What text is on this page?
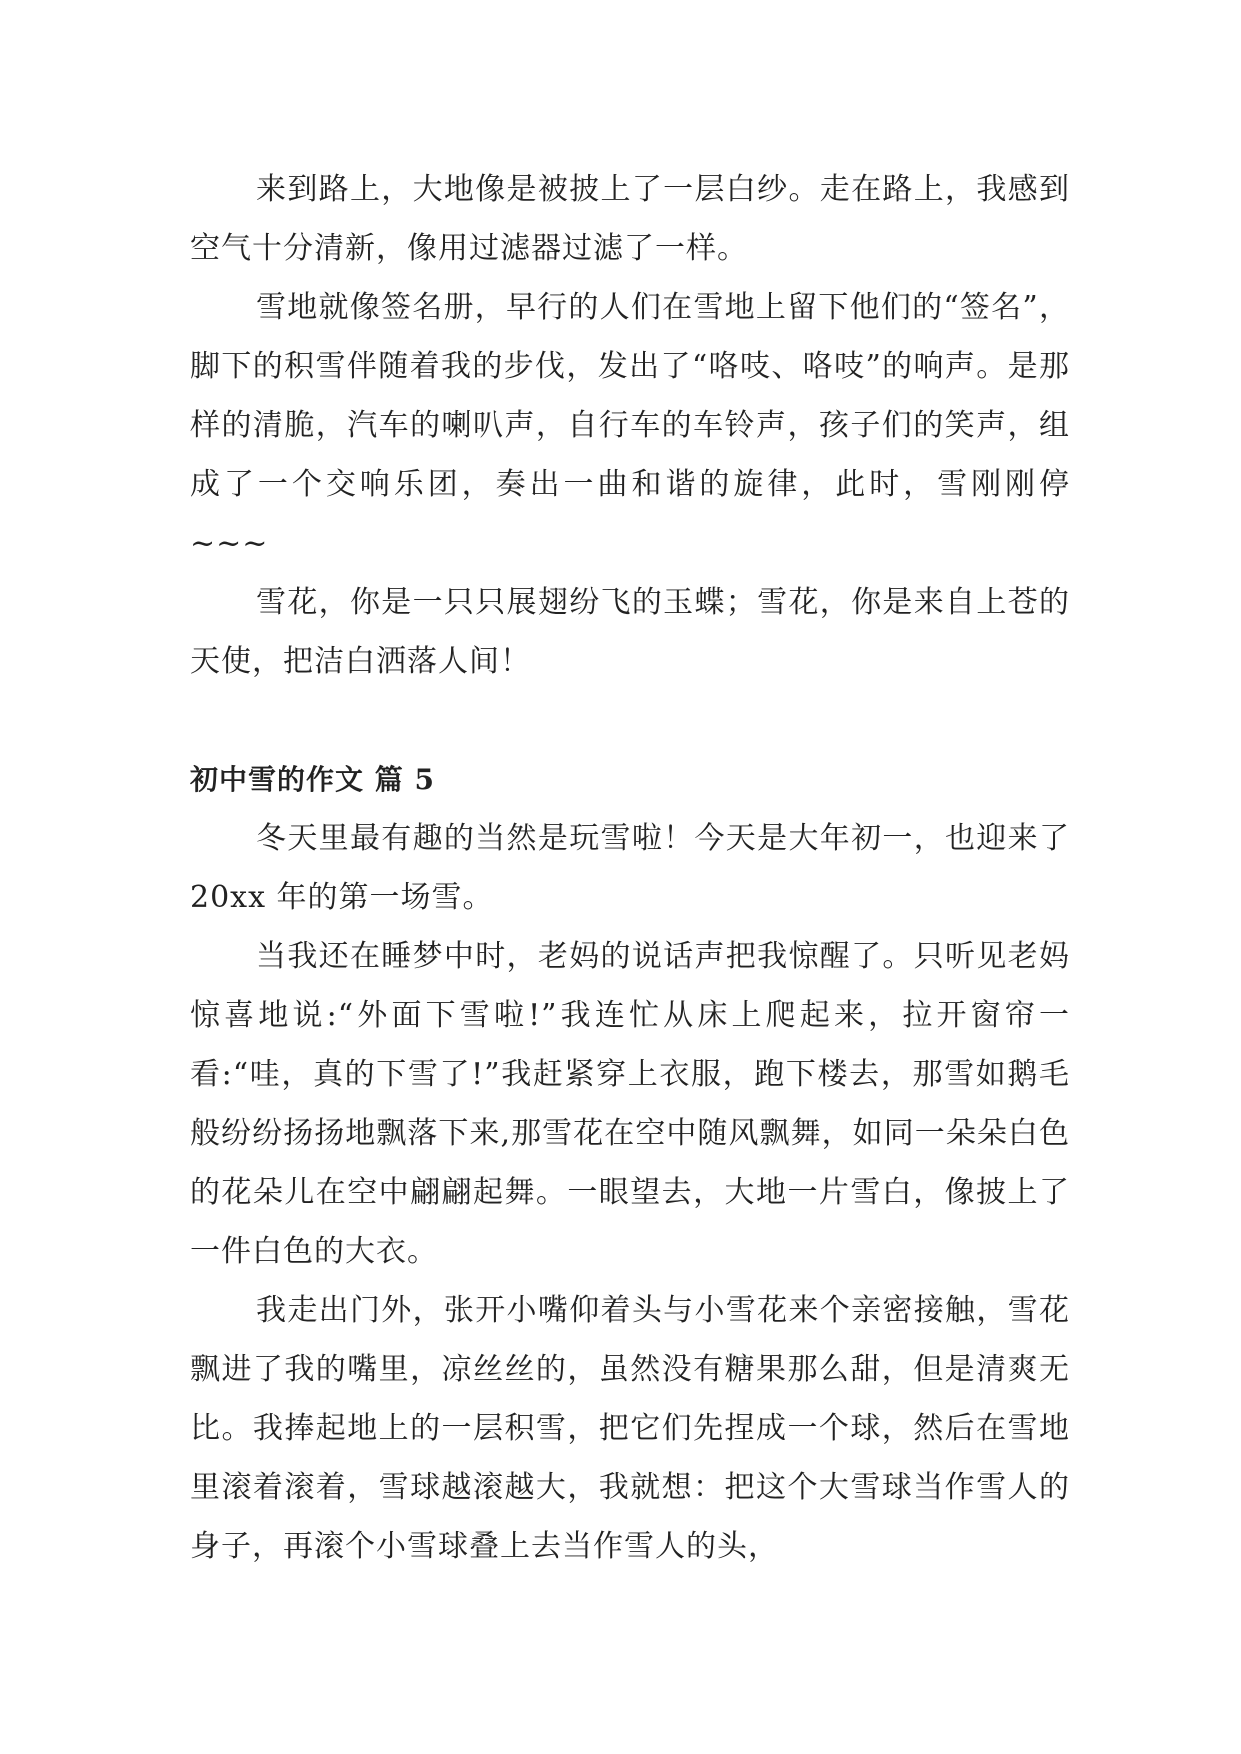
来到路上，大地像是被披上了一层白纱。走在路上，我感到空气十分清新，像用过滤器过滤了一样。

雪地就像签名册，早行的人们在雪地上留下他们的“签名”，脚下的积雪伴随着我的步伐，发出了“咯吱、咯吱”的响声。是那样的清脆，汽车的喇叭声，自行车的车铃声，孩子们的笑声，组成了一个交响乐团，奏出一曲和谐的旋律，此时，雪刚刚停~~~

雪花，你是一只只展翅纷飞的玉蝶；雪花，你是来自上苍的天使，把洁白洒落人间！

初中雪的作文 篇 5

冬天里最有趣的当然是玩雪啦！今天是大年初一，也迎来了 20xx 年的第一场雪。

当我还在睡梦中时，老妈的说话声把我惊醒了。只听见老妈惊喜地说:“外面下雪啦!”我连忙从床上爬起来，拉开窗帘一看:“哇，真的下雪了!”我赶紧穿上衣服，跑下楼去，那雪如鹅毛般纷纷扬扬地飘落下来,那雪花在空中随风飘舞，如同一朵朵白色的花朵儿在空中翩翩起舞。一眼望去，大地一片雪白，像披上了一件白色的大衣。

我走出门外，张开小嘴仰着头与小雪花来个亲密接触，雪花飘进了我的嘴里，凉丝丝的，虽然没有糖果那么甜，但是清爽无比。我捧起地上的一层积雪，把它们先捏成一个球，然后在雪地里滚着滚着，雪球越滚越大，我就想：把这个大雪球当作雪人的身子，再滚个小雪球叠上去当作雪人的头，
